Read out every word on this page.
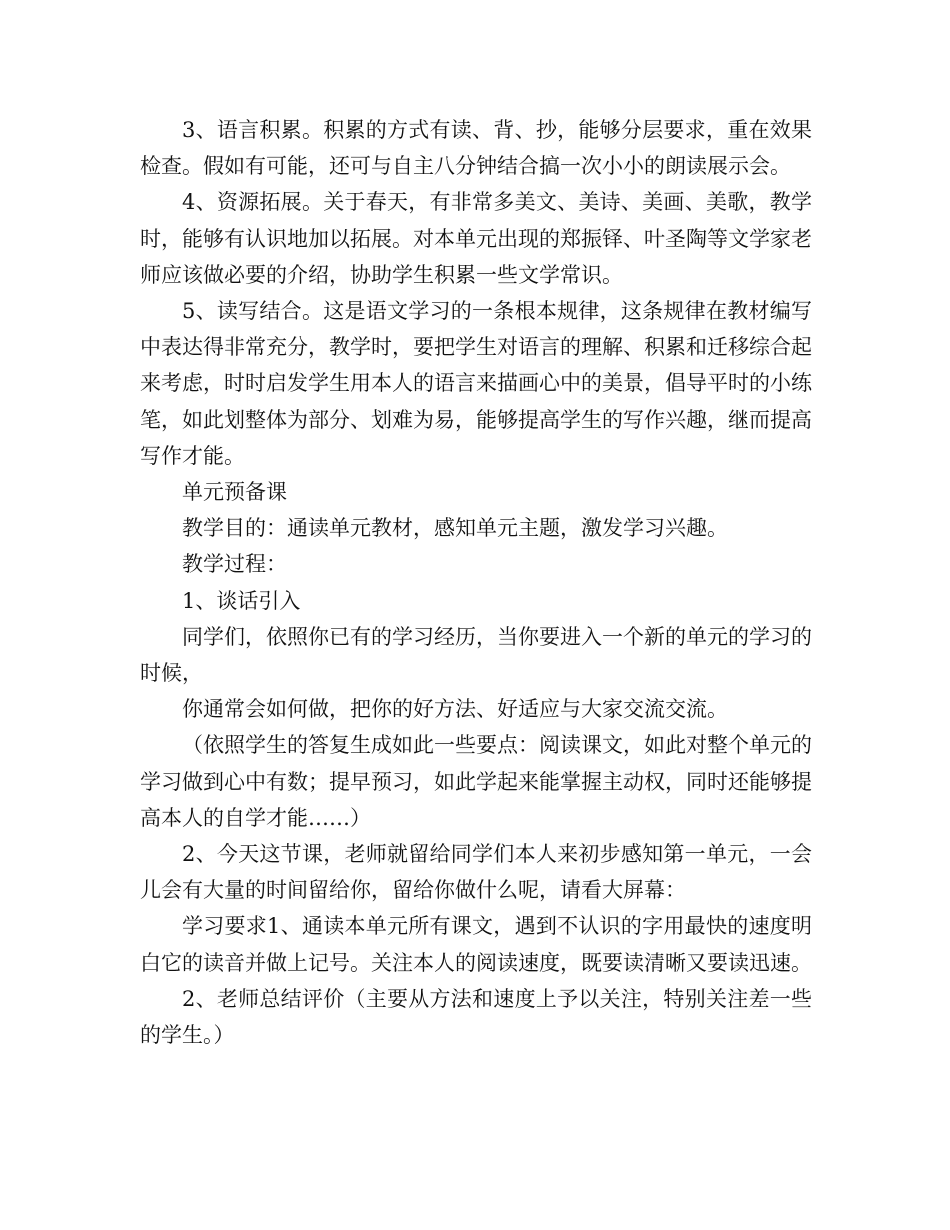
3、语言积累。积累的方式有读、背、抄，能够分层要求，重在效果检查。假如有可能，还可与自主八分钟结合搞一次小小的朗读展示会。

4、资源拓展。关于春天，有非常多美文、美诗、美画、美歌，教学时，能够有认识地加以拓展。对本单元出现的郑振铎、叶圣陶等文学家老师应该做必要的介绍，协助学生积累一些文学常识。

5、读写结合。这是语文学习的一条根本规律，这条规律在教材编写中表达得非常充分，教学时，要把学生对语言的理解、积累和迁移综合起来考虑，时时启发学生用本人的语言来描画心中的美景，倡导平时的小练笔，如此划整体为部分、划难为易，能够提高学生的写作兴趣，继而提高写作才能。

单元预备课

教学目的：通读单元教材，感知单元主题，激发学习兴趣。

教学过程：

1、谈话引入

同学们，依照你已有的学习经历，当你要进入一个新的单元的学习的时候，

你通常会如何做，把你的好方法、好适应与大家交流交流。

（依照学生的答复生成如此一些要点：阅读课文，如此对整个单元的学习做到心中有数；提早预习，如此学起来能掌握主动权，同时还能够提高本人的自学才能……）

2、今天这节课，老师就留给同学们本人来初步感知第一单元，一会儿会有大量的时间留给你，留给你做什么呢，请看大屏幕：

学习要求1、通读本单元所有课文，遇到不认识的字用最快的速度明白它的读音并做上记号。关注本人的阅读速度，既要读清晰又要读迅速。

2、老师总结评价（主要从方法和速度上予以关注，特别关注差一些的学生。）
